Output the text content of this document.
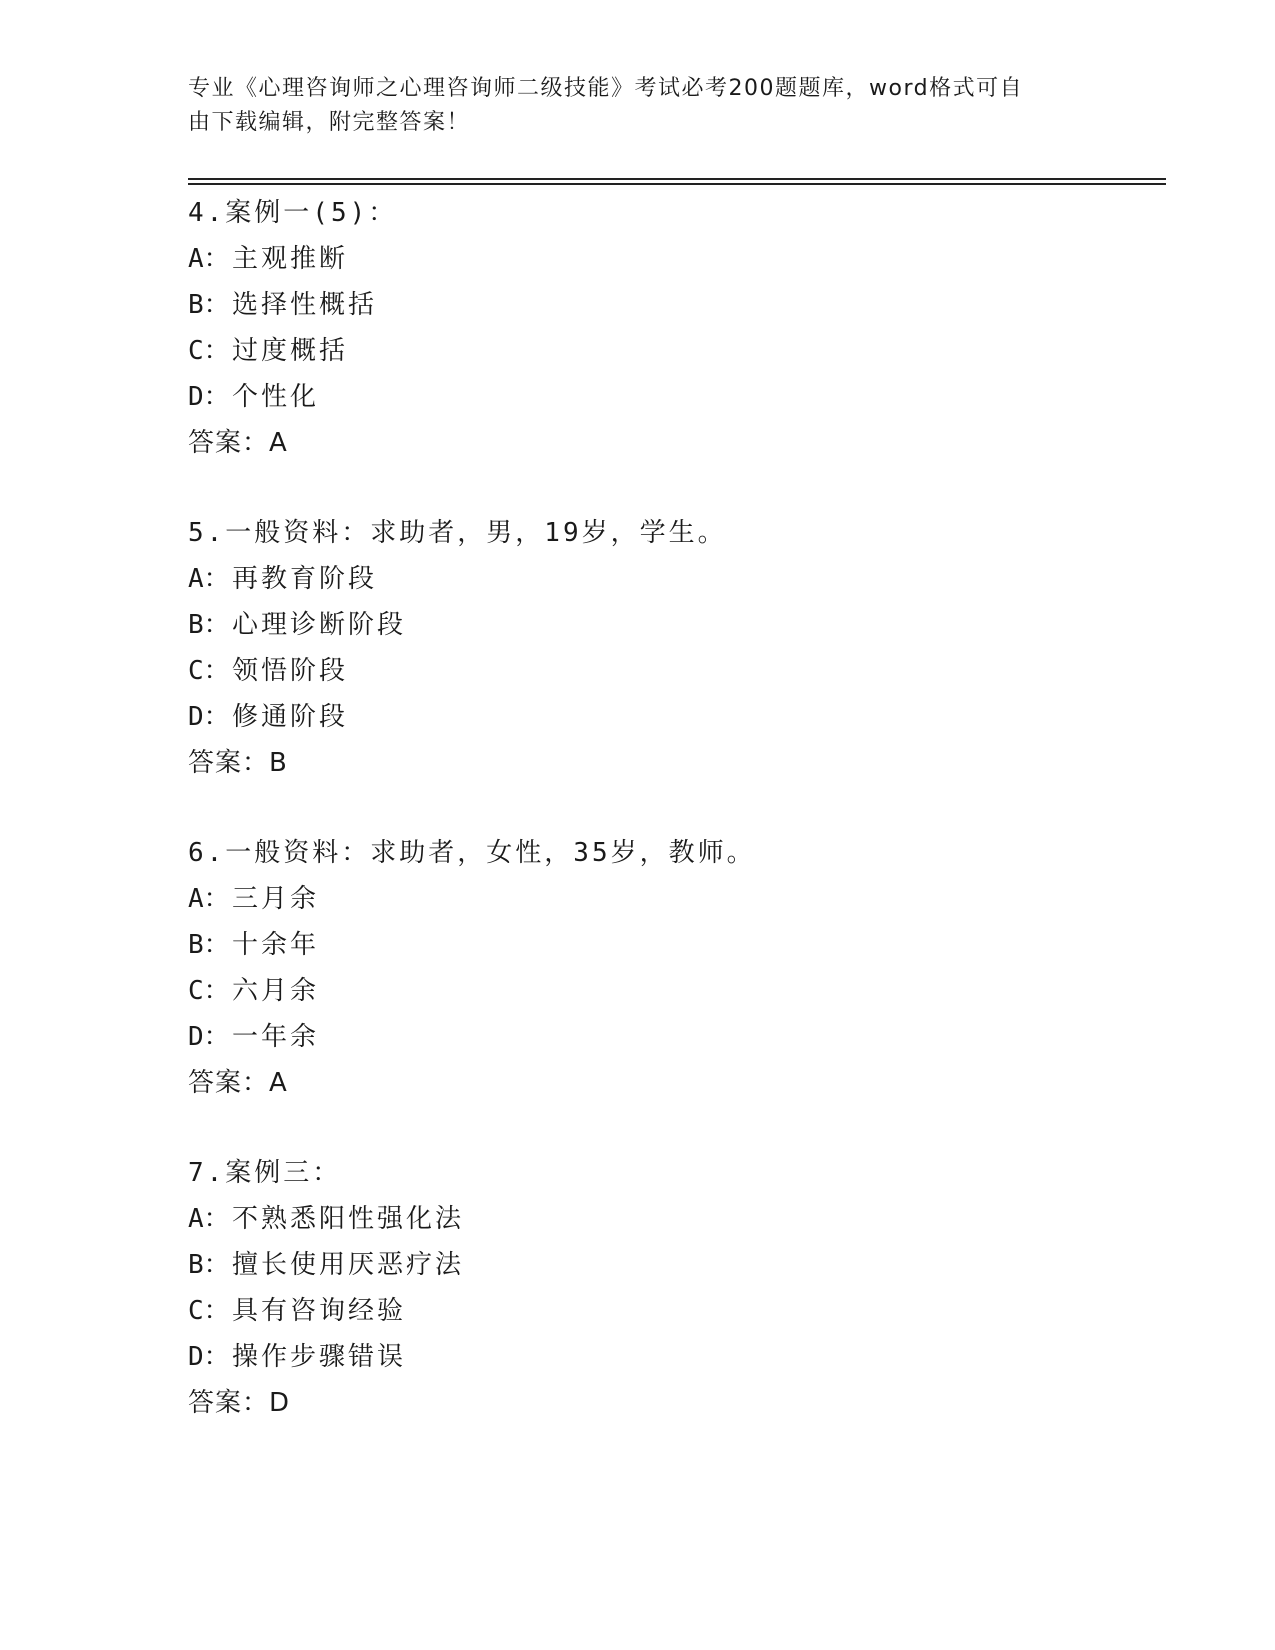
专业《心理咨询师之心理咨询师二级技能》考试必考200题题库，word格式可自
由下载编辑，附完整答案！
4.案例一(5)：
A：主观推断
B：选择性概括
C：过度概括
D：个性化
答案：A
5.一般资料：求助者，男，19岁，学生。
A：再教育阶段
B：心理诊断阶段
C：领悟阶段
D：修通阶段
答案：B
6.一般资料：求助者，女性，35岁，教师。
A：三月余
B：十余年
C：六月余
D：一年余
答案：A
7.案例三：
A：不熟悉阳性强化法
B：擅长使用厌恶疗法
C：具有咨询经验
D：操作步骤错误
答案：D
